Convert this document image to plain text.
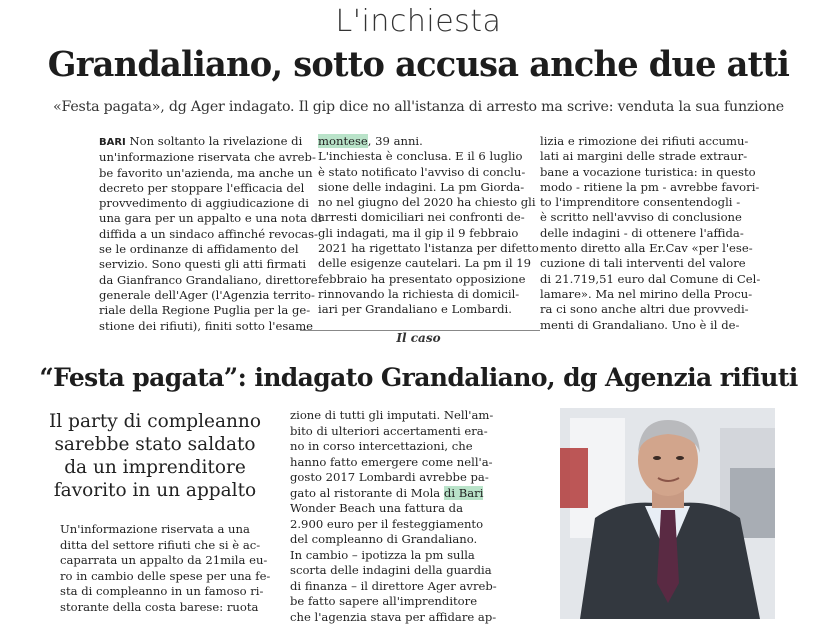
L'inchiesta
Grandaliano, sotto accusa anche due atti
«Festa pagata», dg Ager indagato. Il gip dice no all'istanza di arresto ma scrive: venduta la sua funzione
BARI Non soltanto la rivelazione di
un'informazione riservata che avreb-
be favorito un'azienda, ma anche un
decreto per stoppare l'efficacia del
provvedimento di aggiudicazione di
una gara per un appalto e una nota di
diffida a un sindaco affinché revocas-
se le ordinanze di affidamento del
servizio. Sono questi gli atti firmati
da Gianfranco Grandaliano, direttore
generale dell'Ager (l'Agenzia territo-
riale della Regione Puglia per la ge-
stione dei rifiuti), finiti sotto l'esame
montese, 39 anni.
L'inchiesta è conclusa. E il 6 luglio
è stato notificato l'avviso di conclu-
sione delle indagini. La pm Giorda-
no nel giugno del 2020 ha chiesto gli
arresti domiciliari nei confronti de-
gli indagati, ma il gip il 9 febbraio
2021 ha rigettato l'istanza per difetto
delle esigenze cautelari. La pm il 19
febbraio ha presentato opposizione
rinnovando la richiesta di domicil-
iari per Grandaliano e Lombardi.
lizia e rimozione dei rifiuti accumu-
lati ai margini delle strade extraur-
bane a vocazione turistica: in questo
modo - ritiene la pm - avrebbe favori-
to l'imprenditore consentendogli -
è scritto nell'avviso di conclusione
delle indagini - di ottenere l'affida-
mento diretto alla Er.Cav «per l'ese-
cuzione di tali interventi del valore
di 21.719,51 euro dal Comune di Cel-
lamare». Ma nel mirino della Procu-
ra ci sono anche altri due provvedi-
menti di Grandaliano. Uno è il de-
Il caso
“Festa pagata”: indagato Grandaliano, dg Agenzia rifiuti
Il party di compleanno
sarebbe stato saldato
da un imprenditore
favorito in un appalto
Un'informazione riservata a una
ditta del settore rifiuti che si è ac-
caparrata un appalto da 21mila eu-
ro in cambio delle spese per una fe-
sta di compleanno in un famoso ri-
storante della costa barese: ruota
zione di tutti gli imputati. Nell'am-
bito di ulteriori accertamenti era-
no in corso intercettazioni, che
hanno fatto emergere come nell'a-
gosto 2017 Lombardi avrebbe pa-
gato al ristorante di Mola di Bari
Wonder Beach una fattura da
2.900 euro per il festeggiamento
del compleanno di Grandaliano.
In cambio – ipotizza la pm sulla
scorta delle indagini della guardia
di finanza – il direttore Ager avreb-
be fatto sapere all'imprenditore
che l'agenzia stava per affidare ap-
